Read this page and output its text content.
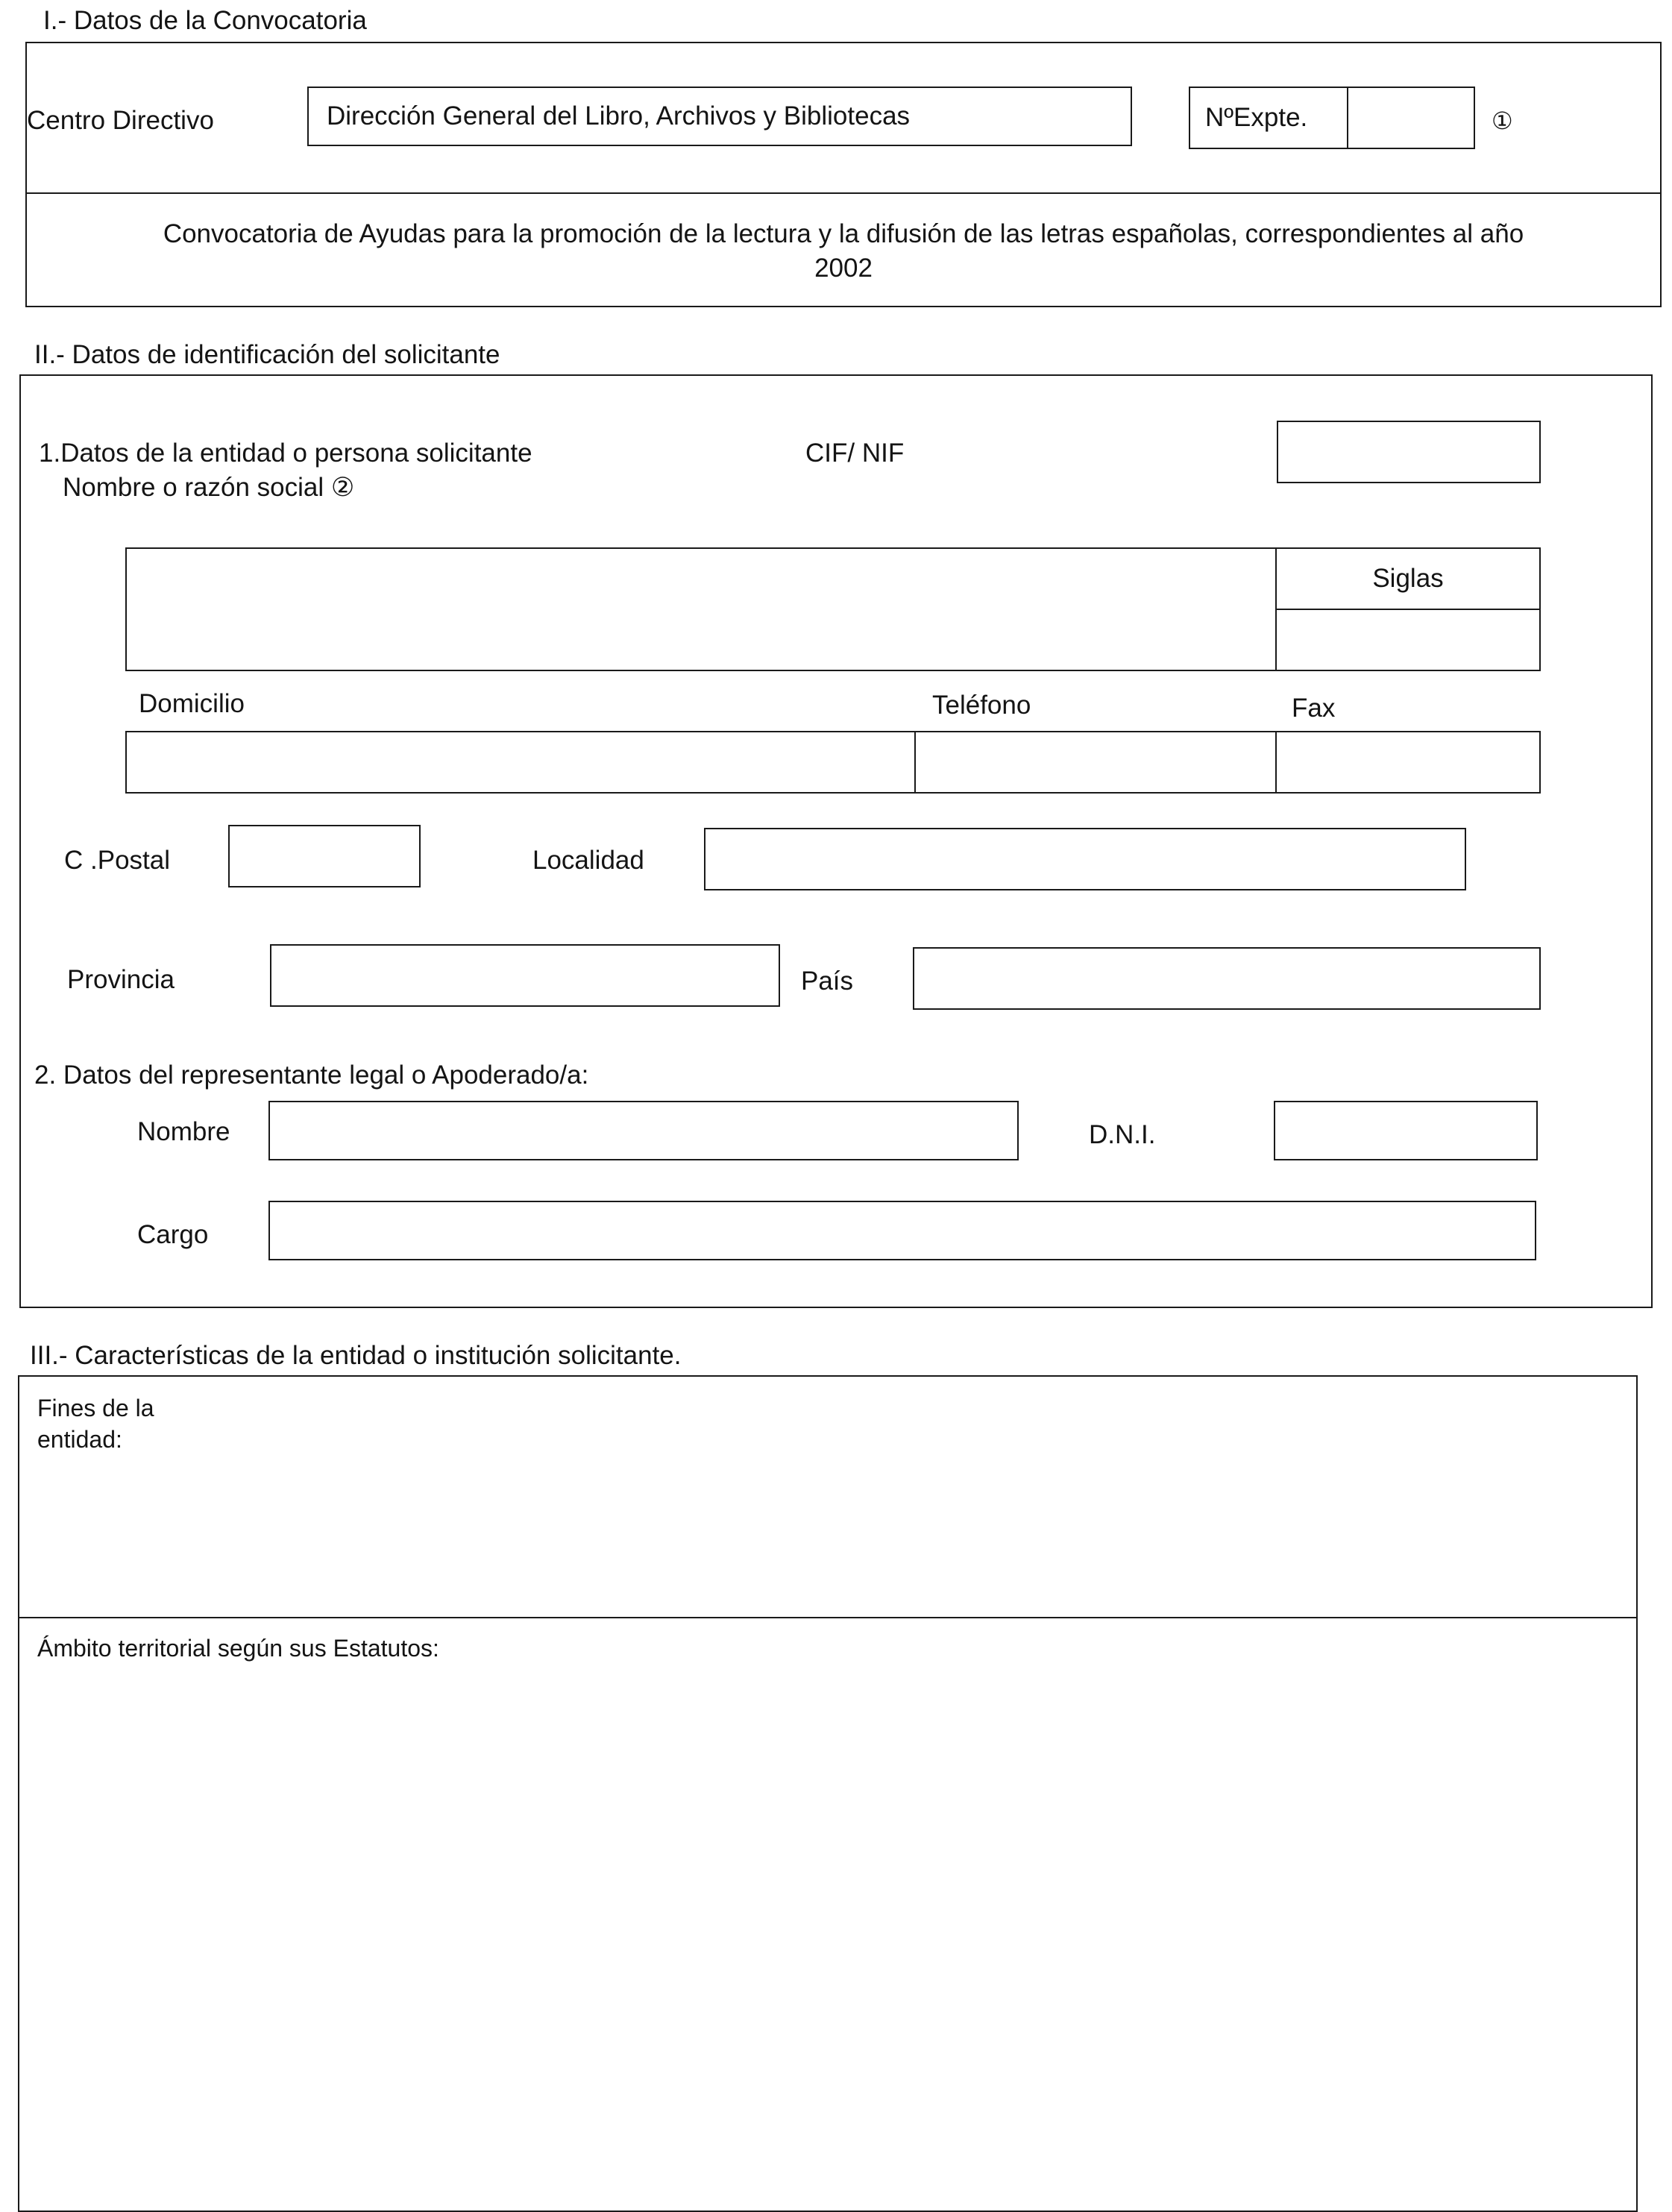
I.- Datos de la Convocatoria
Centro Directivo	Dirección General del Libro, Archivos y Bibliotecas	NºExpte.	①
Convocatoria de Ayudas para la promoción de la lectura y la difusión de las letras españolas, correspondientes al año
2002
II.- Datos de identificación del solicitante
1.Datos de la entidad o persona solicitante
Nombre o razón social ②
CIF/ NIF
Siglas
Domicilio	Teléfono	Fax
C .Postal	Localidad
Provincia	País
2. Datos del representante legal o Apoderado/a:
Nombre	D.N.I.
Cargo
III.- Características de la entidad o institución solicitante.
Fines de la
entidad:
Ámbito territorial según sus Estatutos:
